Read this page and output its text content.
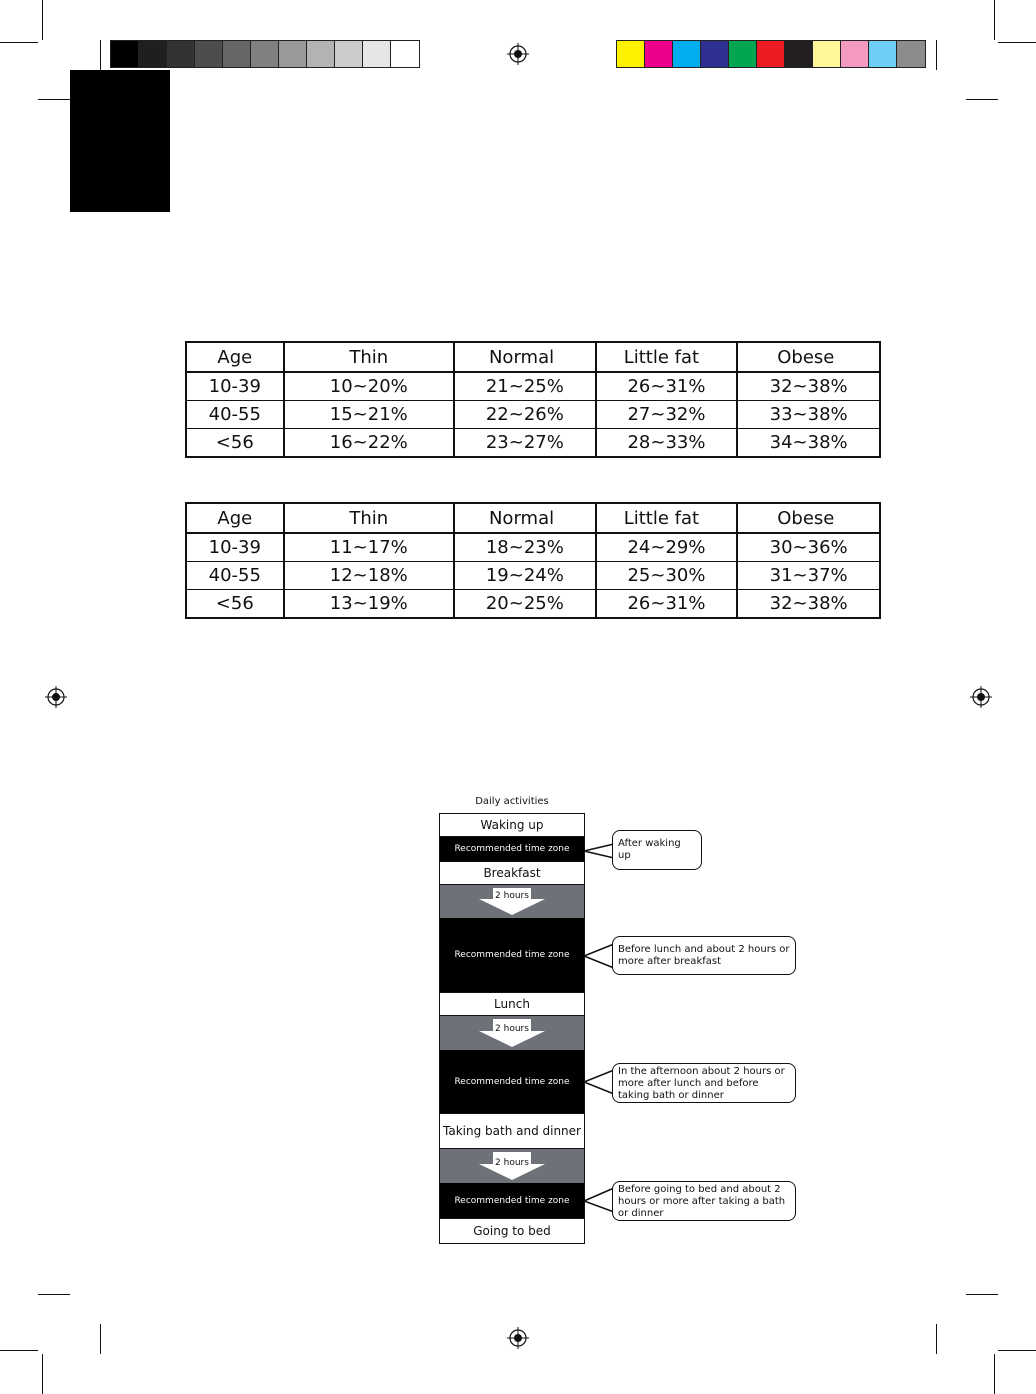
Age	Thin	Normal	Little fat	Obese
10-39	10~20%	21~25%	26~31%	32~38%
40-55	15~21%	22~26%	27~32%	33~38%
<56	16~22%	23~27%	28~33%	34~38%
Age	Thin	Normal	Little fat	Obese
10-39	11~17%	18~23%	24~29%	30~36%
40-55	12~18%	19~24%	25~30%	31~37%
<56	13~19%	20~25%	26~31%	32~38%
Daily activities
Waking up
Recommended time zone
Breakfast
2 hours
Recommended time zone
Lunch
2 hours
Recommended time zone
Taking bath and dinner
2 hours
Recommended time zone
Going to bed
After waking up
Before lunch and about 2 hours or more after breakfast
In the afternoon about 2 hours or more after lunch and before taking bath or dinner
Before going to bed and about 2 hours or more after taking a bath or dinner
